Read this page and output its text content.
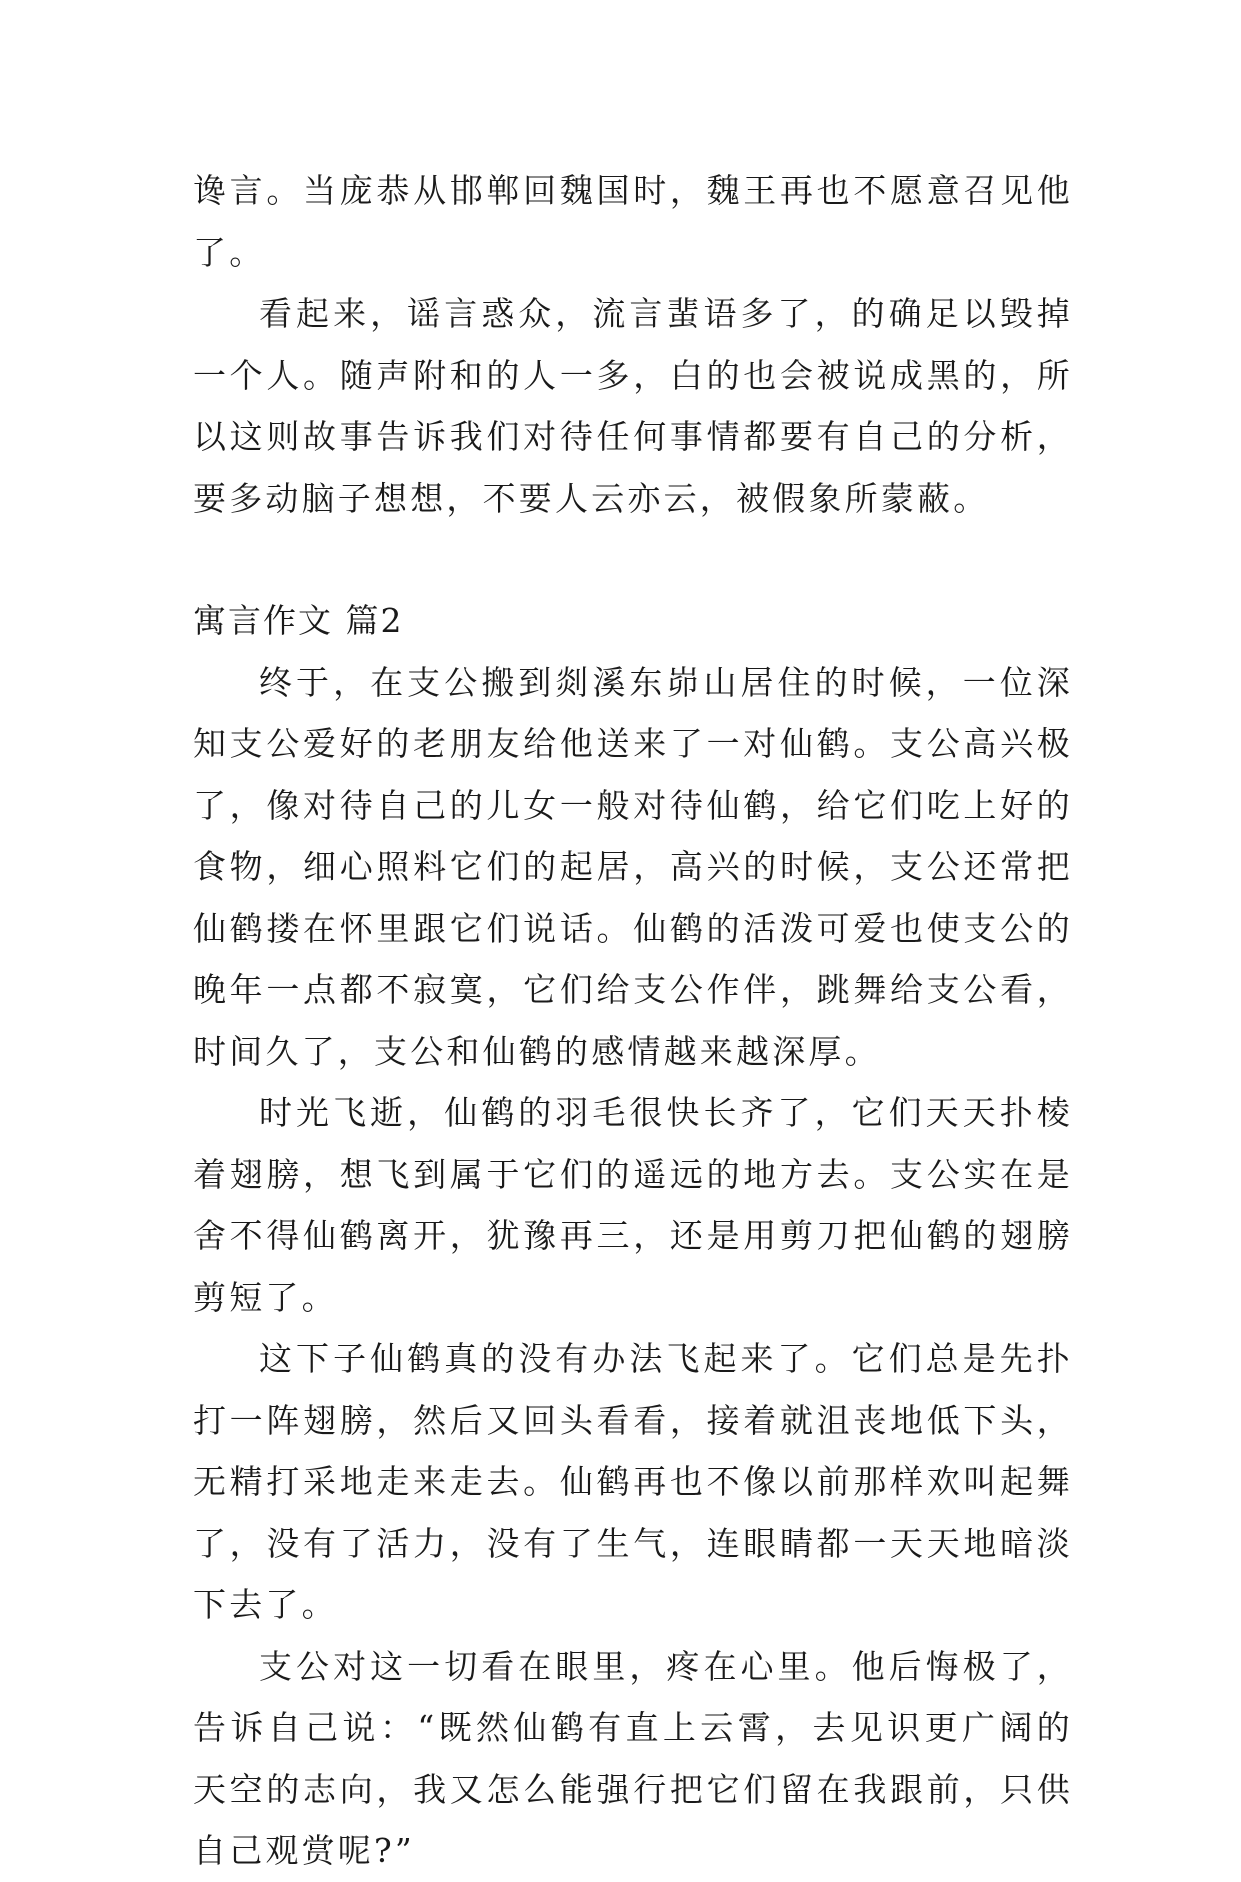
谗言。当庞恭从邯郸回魏国时，魏王再也不愿意召见他了。

看起来，谣言惑众，流言蜚语多了，的确足以毁掉一个人。随声附和的人一多，白的也会被说成黑的，所以这则故事告诉我们对待任何事情都要有自己的分析，要多动脑子想想，不要人云亦云，被假象所蒙蔽。

寓言作文 篇2

终于，在支公搬到剡溪东峁山居住的时候，一位深知支公爱好的老朋友给他送来了一对仙鹤。支公高兴极了，像对待自己的儿女一般对待仙鹤，给它们吃上好的食物，细心照料它们的起居，高兴的时候，支公还常把仙鹤搂在怀里跟它们说话。仙鹤的活泼可爱也使支公的晚年一点都不寂寞，它们给支公作伴，跳舞给支公看，时间久了，支公和仙鹤的感情越来越深厚。

时光飞逝，仙鹤的羽毛很快长齐了，它们天天扑棱着翅膀，想飞到属于它们的遥远的地方去。支公实在是舍不得仙鹤离开，犹豫再三，还是用剪刀把仙鹤的翅膀剪短了。

这下子仙鹤真的没有办法飞起来了。它们总是先扑打一阵翅膀，然后又回头看看，接着就沮丧地低下头，无精打采地走来走去。仙鹤再也不像以前那样欢叫起舞了，没有了活力，没有了生气，连眼睛都一天天地暗淡下去了。

支公对这一切看在眼里，疼在心里。他后悔极了，告诉自己说：“既然仙鹤有直上云霄，去见识更广阔的天空的志向，我又怎么能强行把它们留在我跟前，只供自己观赏呢?”
